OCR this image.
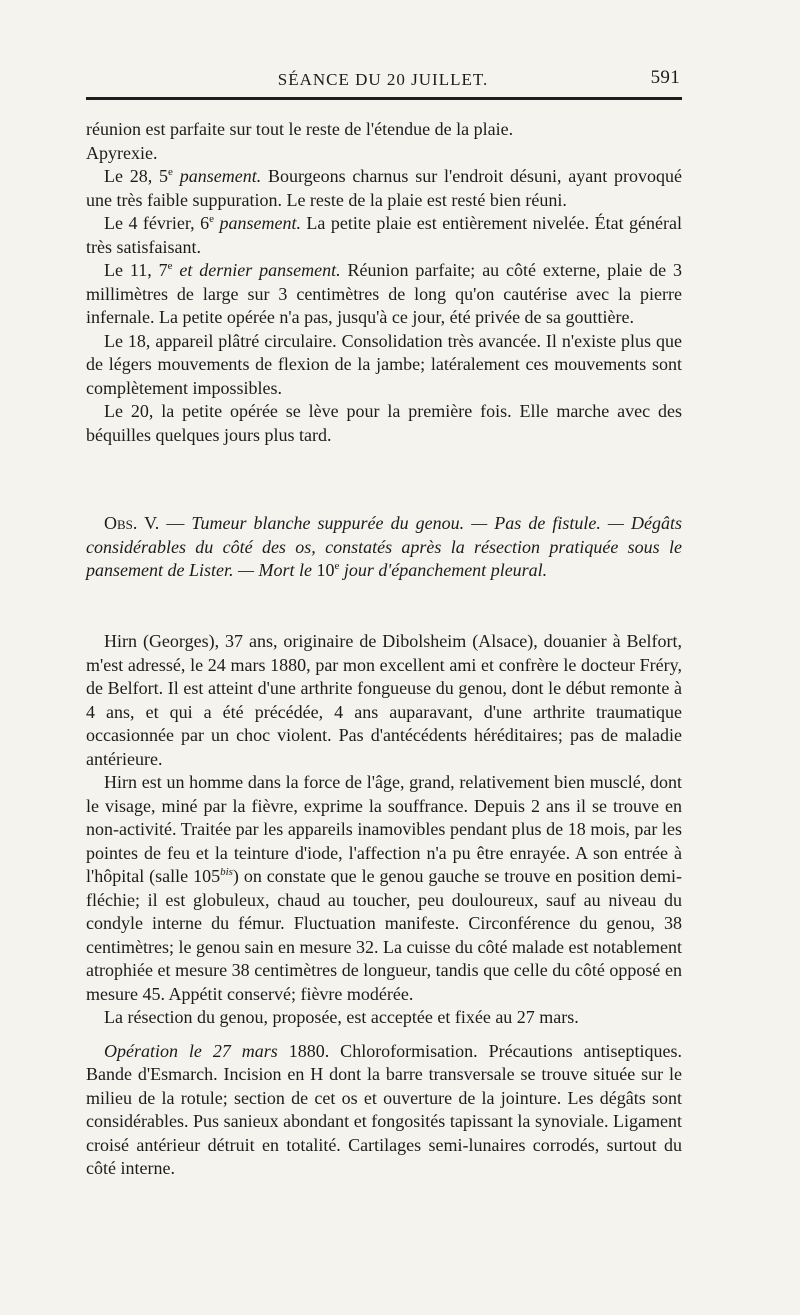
SÉANCE DU 20 JUILLET.	591

réunion est parfaite sur tout le reste de l'étendue de la plaie.
Apyrexie.

Le 28, 5e pansement. Bourgeons charnus sur l'endroit désuni, ayant provoqué une très faible suppuration. Le reste de la plaie est resté bien réuni.

Le 4 février, 6e pansement. La petite plaie est entièrement nivelée. État général très satisfaisant.

Le 11, 7e et dernier pansement. Réunion parfaite; au côté externe, plaie de 3 millimètres de large sur 3 centimètres de long qu'on cautérise avec la pierre infernale. La petite opérée n'a pas, jusqu'à ce jour, été privée de sa gouttière.

Le 18, appareil plâtré circulaire. Consolidation très avancée. Il n'existe plus que de légers mouvements de flexion de la jambe; latéralement ces mouvements sont complètement impossibles.

Le 20, la petite opérée se lève pour la première fois. Elle marche avec des béquilles quelques jours plus tard.

Obs. V. — Tumeur blanche suppurée du genou. — Pas de fistule. — Dégâts considérables du côté des os, constatés après la résection pratiquée sous le pansement de Lister. — Mort le 10e jour d'épanchement pleural.

Hirn (Georges), 37 ans, originaire de Dibolsheim (Alsace), douanier à Belfort, m'est adressé, le 24 mars 1880, par mon excellent ami et confrère le docteur Fréry, de Belfort. Il est atteint d'une arthrite fongueuse du genou, dont le début remonte à 4 ans, et qui a été précédée, 4 ans auparavant, d'une arthrite traumatique occasionnée par un choc violent. Pas d'antécédents héréditaires; pas de maladie antérieure.

Hirn est un homme dans la force de l'âge, grand, relativement bien musclé, dont le visage, miné par la fièvre, exprime la souffrance. Depuis 2 ans il se trouve en non-activité. Traitée par les appareils inamovibles pendant plus de 18 mois, par les pointes de feu et la teinture d'iode, l'affection n'a pu être enrayée. A son entrée à l'hôpital (salle $105^{bis}$) on constate que le genou gauche se trouve en position demi-fléchie; il est globuleux, chaud au toucher, peu douloureux, sauf au niveau du condyle interne du fémur. Fluctuation manifeste. Circonférence du genou, 38 centimètres; le genou sain en mesure 32. La cuisse du côté malade est notablement atrophiée et mesure 38 centimètres de longueur, tandis que celle du côté opposé en mesure 45. Appétit conservé; fièvre modérée.

La résection du genou, proposée, est acceptée et fixée au 27 mars.

Opération le 27 mars 1880. Chloroformisation. Précautions antiseptiques. Bande d'Esmarch. Incision en H dont la barre transversale se trouve située sur le milieu de la rotule; section de cet os et ouverture de la jointure. Les dégâts sont considérables. Pus sanieux abondant et fongosités tapissant la synoviale. Ligament croisé antérieur détruit en totalité. Cartilages semi-lunaires corrodés, surtout du côté interne.
